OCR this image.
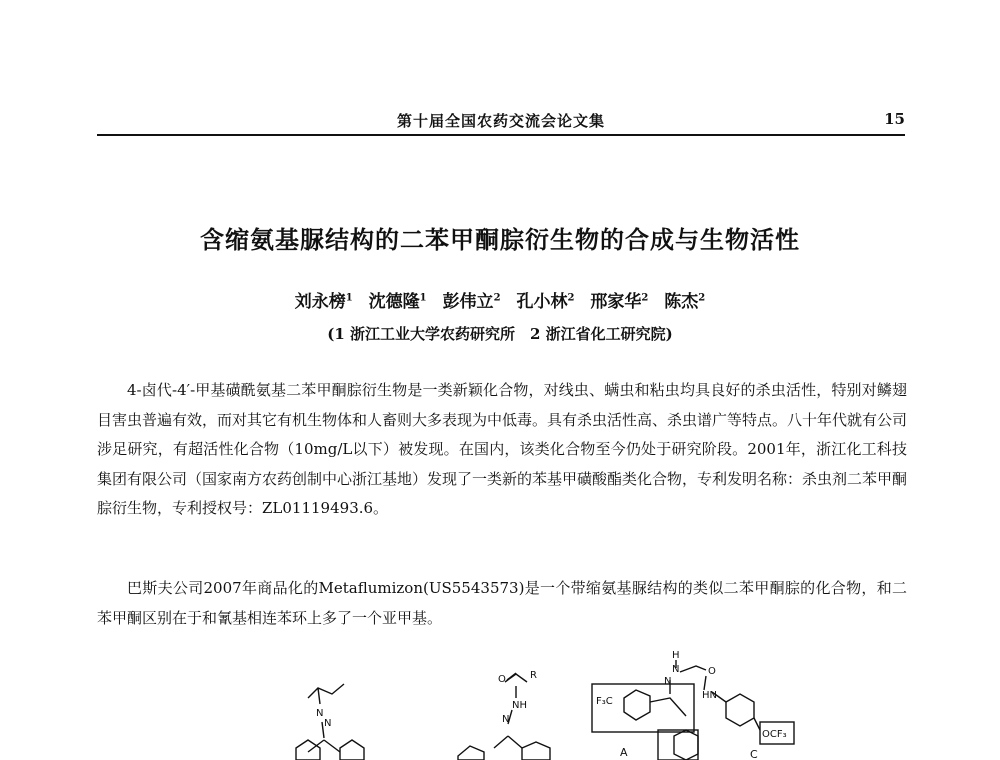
第十届全国农药交流会论文集	15
含缩氨基脲结构的二苯甲酮腙衍生物的合成与生物活性
刘永榜$^1$ 沈德隆$^1$ 彭伟立$^2$ 孔小林$^2$ 邢家华$^2$ 陈杰$^2$
(1 浙江工业大学农药研究所　2 浙江省化工研究院)

4-卤代-4′-甲基磺酰氨基二苯甲酮腙衍生物是一类新颖化合物，对线虫、螨虫和粘虫均具良好的杀虫活性，特别对鳞翅目害虫普遍有效，而对其它有机生物体和人畜则大多表现为中低毒。具有杀虫活性高、杀虫谱广等特点。八十年代就有公司涉足研究，有超活性化合物（10mg/L以下）被发现。在国内，该类化合物至今仍处于研究阶段。2001年，浙江化工科技集团有限公司（国家南方农药创制中心浙江基地）发现了一类新的苯基甲磺酸酯类化合物，专利发明名称：杀虫剂二苯甲酮腙衍生物，专利授权号：ZL01119493.6。

巴斯夫公司2007年商品化的Metaflumizon(US5543573)是一个带缩氨基脲结构的类似二苯甲酮腙的化合物，和二苯甲酮区别在于和氰基相连苯环上多了一个亚甲基。

N
N
O R
NH
N
H
N
N
O
HN
F₃C
OCF₃
A	C
